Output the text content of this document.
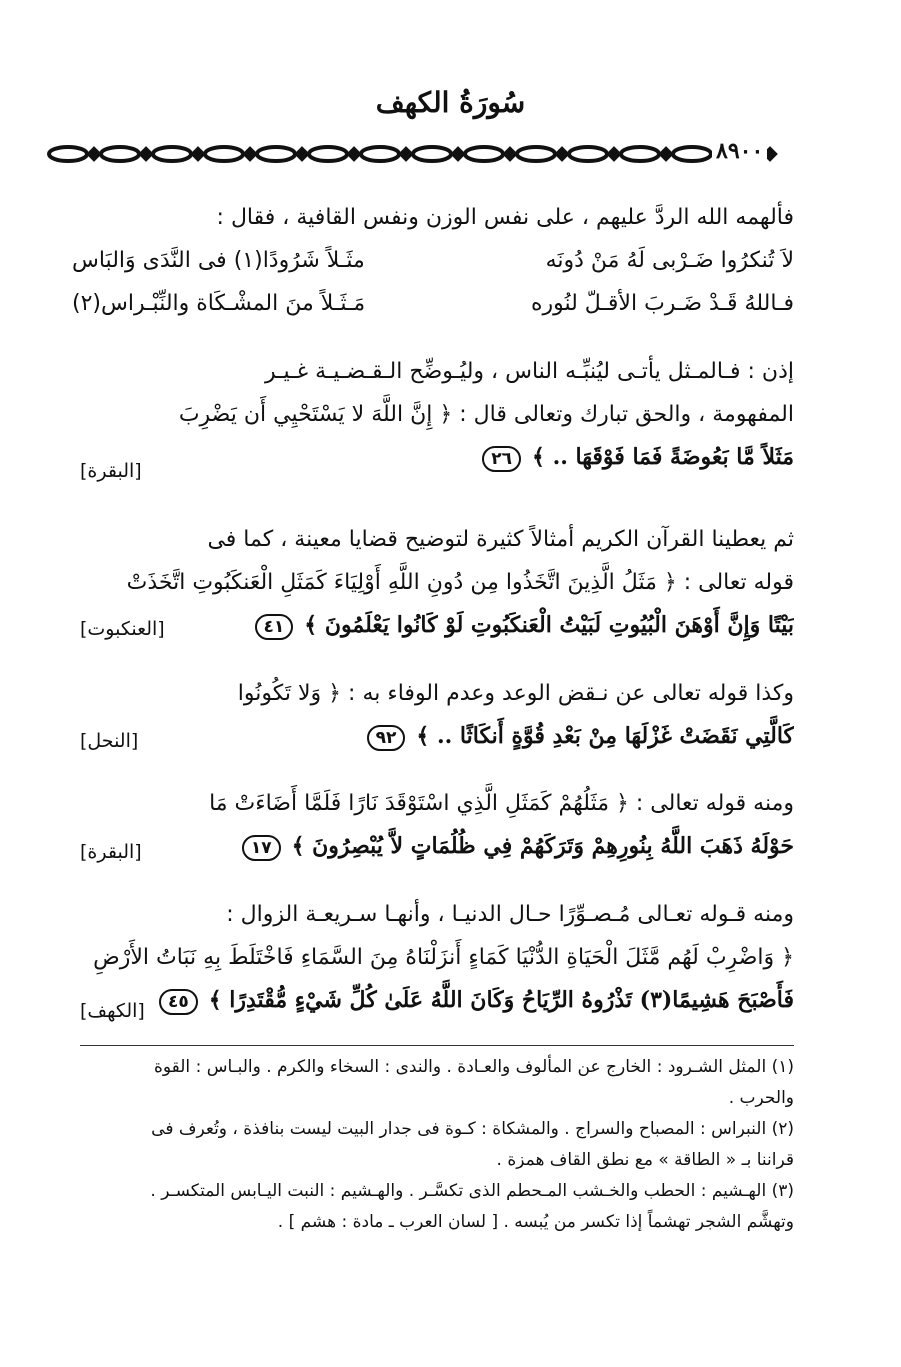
سُورَةُ الكهف
٨٩٠٠
فألهمه الله الردَّ عليهم ، على نفس الوزن ونفس القافية ، فقال :
لاَ تُنكرُوا ضَـرْبى لَهُ مَنْ دُونَه
مثَـلاً شَرُودًا(١) فى النَّدَى وَالبَاس
فـاللهُ قَـدْ ضَـربَ الأقـلّ لنُوره
مَـثَـلاً منَ المشْـكَاة والنِّبْـراس(٢)
إذن : فـالمـثل يأتـى ليُنبِّـه الناس ، وليُـوضِّح الـقـضـيـة غـيـر
المفهومة ، والحق تبارك وتعالى قال : ﴿ إِنَّ اللَّهَ لا يَسْتَحْيِي أَن يَضْرِبَ
مَثَلاً مَّا بَعُوضَةً فَمَا فَوْقَهَا .. ﴾ ٢٦
[البقرة]
ثم يعطينا القرآن الكريم أمثالاً كثيرة لتوضيح قضايا معينة ، كما فى
قوله تعالى : ﴿ مَثَلُ الَّذِينَ اتَّخَذُوا مِن دُونِ اللَّهِ أَوْلِيَاءَ كَمَثَلِ الْعَنكَبُوتِ اتَّخَذَتْ
بَيْتًا وَإِنَّ أَوْهَنَ الْبُيُوتِ لَبَيْتُ الْعَنكَبُوتِ لَوْ كَانُوا يَعْلَمُونَ ﴾ ٤١
[العنكبوت]
وكذا قوله تعالى عن نـقض الوعد وعدم الوفاء به : ﴿ وَلا تَكُونُوا
كَالَّتِي نَقَضَتْ غَزْلَهَا مِنْ بَعْدِ قُوَّةٍ أَنكَاثًا .. ﴾ ٩٢
[النحل]
ومنه قوله تعالى : ﴿ مَثَلُهُمْ كَمَثَلِ الَّذِي اسْتَوْقَدَ نَارًا فَلَمَّا أَضَاءَتْ مَا
حَوْلَهُ ذَهَبَ اللَّهُ بِنُورِهِمْ وَتَرَكَهُمْ فِي ظُلُمَاتٍ لاَّ يُبْصِرُونَ ﴾ ١٧
[البقرة]
ومنه قـوله تعـالى مُـصـوِّرًا حـال الدنيـا ، وأنهـا سـريعـة الزوال :
﴿ وَاضْرِبْ لَهُم مَّثَلَ الْحَيَاةِ الدُّنْيَا كَمَاءٍ أَنزَلْنَاهُ مِنَ السَّمَاءِ فَاخْتَلَطَ بِهِ نَبَاتُ الأَرْضِ
فَأَصْبَحَ هَشِيمًا(٣) تَذْرُوهُ الرِّيَاحُ وَكَانَ اللَّهُ عَلَىٰ كُلِّ شَيْءٍ مُّقْتَدِرًا ﴾ ٤٥
[الكهف]
(١) المثل الشـرود : الخارج عن المألوف والعـادة . والندى : السخاء والكرم . والبـاس : القوة
والحرب .
(٢) النبراس : المصباح والسراج . والمشكاة : كـوة فى جدار البيت ليست بنافذة ، وتُعرف فى
قراننا بـ « الطاقة » مع نطق القاف همزة .
(٣) الهـشيم : الحطب والخـشب المـحطم الذى تكسَّـر . والهـشيم : النبت اليـابس المتكسـر .
وتهشَّم الشجر تهشماً إذا تكسر من يُبسه . [ لسان العرب ـ مادة : هشم ] .
